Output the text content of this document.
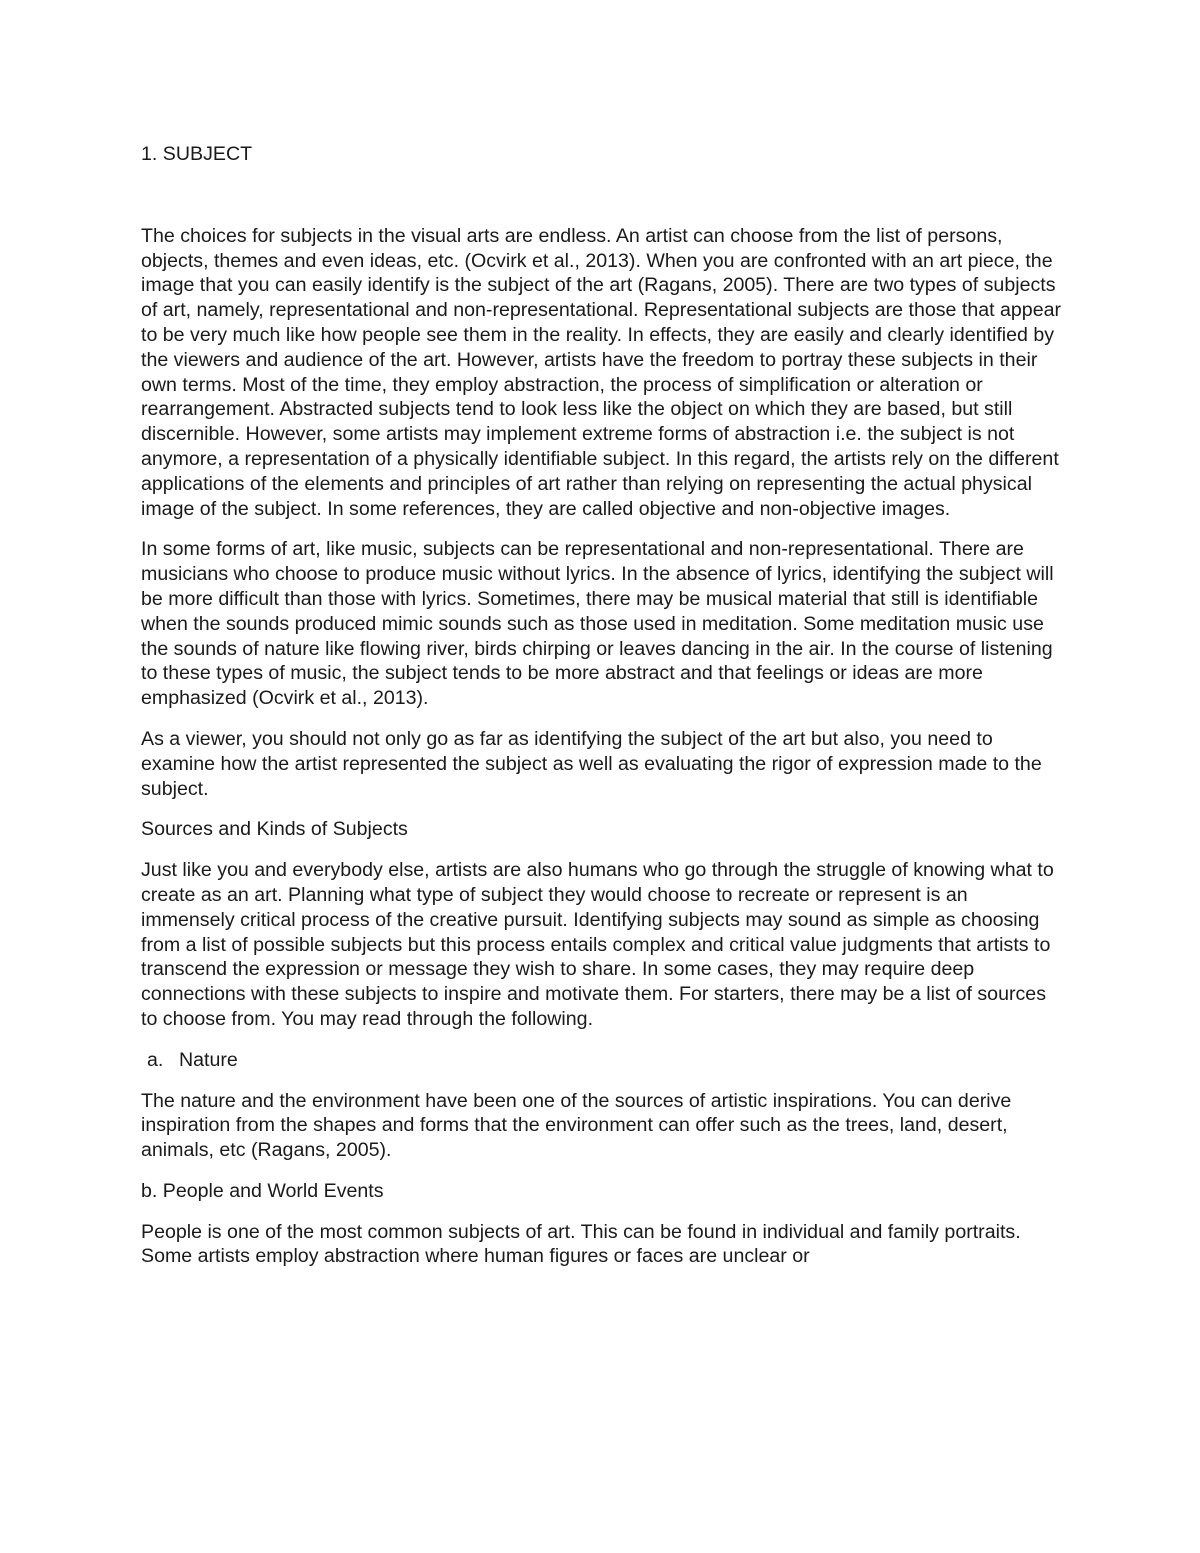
1. SUBJECT

The choices for subjects in the visual arts are endless. An artist can choose from the list of persons, objects, themes and even ideas, etc. (Ocvirk et al., 2013). When you are confronted with an art piece, the image that you can easily identify is the subject of the art (Ragans, 2005). There are two types of subjects of art, namely, representational and non-representational. Representational subjects are those that appear to be very much like how people see them in the reality. In effects, they are easily and clearly identified by the viewers and audience of the art. However, artists have the freedom to portray these subjects in their own terms. Most of the time, they employ abstraction, the process of simplification or alteration or rearrangement. Abstracted subjects tend to look less like the object on which they are based, but still discernible. However, some artists may implement extreme forms of abstraction i.e. the subject is not anymore, a representation of a physically identifiable subject. In this regard, the artists rely on the different applications of the elements and principles of art rather than relying on representing the actual physical image of the subject. In some references, they are called objective and non-objective images.

In some forms of art, like music, subjects can be representational and non-representational. There are musicians who choose to produce music without lyrics. In the absence of lyrics, identifying the subject will be more difficult than those with lyrics. Sometimes, there may be musical material that still is identifiable when the sounds produced mimic sounds such as those used in meditation. Some meditation music use the sounds of nature like flowing river, birds chirping or leaves dancing in the air. In the course of listening to these types of music, the subject tends to be more abstract and that feelings or ideas are more emphasized (Ocvirk et al., 2013).

As a viewer, you should not only go as far as identifying the subject of the art but also, you need to examine how the artist represented the subject as well as evaluating the rigor of expression made to the subject.

Sources and Kinds of Subjects

Just like you and everybody else, artists are also humans who go through the struggle of knowing what to create as an art. Planning what type of subject they would choose to recreate or represent is an immensely critical process of the creative pursuit. Identifying subjects may sound as simple as choosing from a list of possible subjects but this process entails complex and critical value judgments that artists to transcend the expression or message they wish to share. In some cases, they may require deep connections with these subjects to inspire and motivate them. For starters, there may be a list of sources to choose from. You may read through the following.

a. Nature

The nature and the environment have been one of the sources of artistic inspirations. You can derive inspiration from the shapes and forms that the environment can offer such as the trees, land, desert, animals, etc (Ragans, 2005).

b. People and World Events

People is one of the most common subjects of art. This can be found in individual and family portraits. Some artists employ abstraction where human figures or faces are unclear or
